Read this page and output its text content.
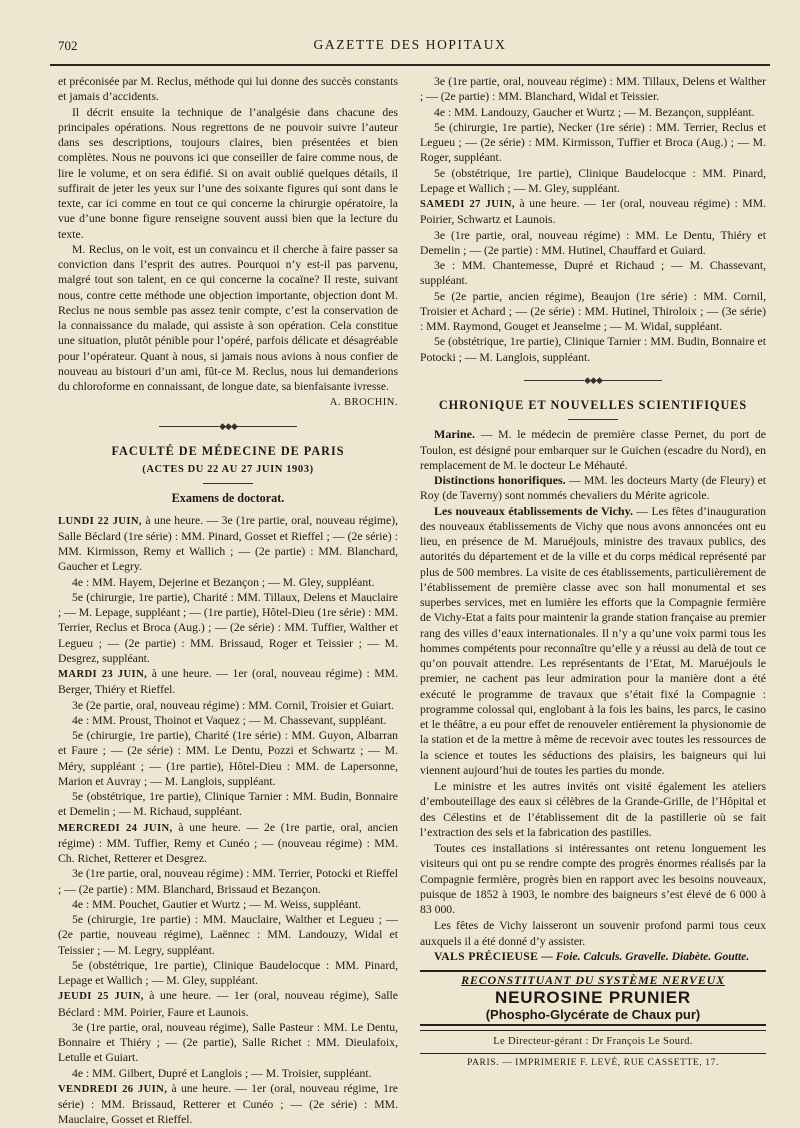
702	GAZETTE DES HOPITAUX

et préconisée par M. Reclus, méthode qui lui donne des succès constants et jamais d’accidents.

Il décrit ensuite la technique de l’analgésie dans chacune des principales opérations. Nous regrettons de ne pouvoir suivre l’auteur dans ses descriptions, toujours claires, bien présentées et bien complètes. Nous ne pouvons ici que conseiller de faire comme nous, de lire le volume, et on sera édifié. Si on avait oublié quelques détails, il suffirait de jeter les yeux sur l’une des soixante figures qui sont dans le texte, car ici comme en tout ce qui concerne la chirurgie opératoire, la vue d’une bonne figure renseigne souvent aussi bien que la lecture du texte.

M. Reclus, on le voit, est un convaincu et il cherche à faire passer sa conviction dans l’esprit des autres. Pourquoi n’y est-il pas parvenu, malgré tout son talent, en ce qui concerne la cocaïne? Il reste, suivant nous, contre cette méthode une objection importante, objection dont M. Reclus ne nous semble pas assez tenir compte, c’est la conservation de la connaissance du malade, qui assiste à son opération. Cela constitue une situation, plutôt pénible pour l’opéré, parfois délicate et désagréable pour l’opérateur. Quant à nous, si jamais nous avions à nous confier de nouveau au bistouri d’un ami, fût-ce M. Reclus, nous lui demanderions du chloroforme en connaissant, de longue date, sa bienfaisante ivresse.

A. BROCHIN.
◆◆◆
FACULTÉ DE MÉDECINE DE PARIS
(ACTES DU 22 AU 27 JUIN 1903)
Examens de doctorat.

LUNDI 22 JUIN, à une heure. — 3e (1re partie, oral, nouveau régime), Salle Béclard (1re série) : MM. Pinard, Gosset et Rieffel ; — (2e série) : MM. Kirmisson, Remy et Wallich ; — (2e partie) : MM. Blanchard, Gaucher et Legry.

4e : MM. Hayem, Dejerine et Bezançon ; — M. Gley, suppléant.

5e (chirurgie, 1re partie), Charité : MM. Tillaux, Delens et Mauclaire ; — M. Lepage, suppléant ; — (1re partie), Hôtel-Dieu (1re série) : MM. Terrier, Reclus et Broca (Aug.) ; — (2e série) : MM. Tuffier, Walther et Legueu ; — (2e partie) : MM. Brissaud, Roger et Teissier ; — M. Desgrez, suppléant.

MARDI 23 JUIN, à une heure. — 1er (oral, nouveau régime) : MM. Berger, Thiéry et Rieffel.

3e (2e partie, oral, nouveau régime) : MM. Cornil, Troisier et Guiart.

4e : MM. Proust, Thoinot et Vaquez ; — M. Chassevant, suppléant.

5e (chirurgie, 1re partie), Charité (1re série) : MM. Guyon, Albarran et Faure ; — (2e série) : MM. Le Dentu, Pozzi et Schwartz ; — M. Méry, suppléant ; — (1re partie), Hôtel-Dieu : MM. de Lapersonne, Marion et Auvray ; — M. Langlois, suppléant.

5e (obstétrique, 1re partie), Clinique Tarnier : MM. Budin, Bonnaire et Demelin ; — M. Richaud, suppléant.

MERCREDI 24 JUIN, à une heure. — 2e (1re partie, oral, ancien régime) : MM. Tuffier, Remy et Cunéo ; — (nouveau régime) : MM. Ch. Richet, Retterer et Desgrez.

3e (1re partie, oral, nouveau régime) : MM. Terrier, Potocki et Rieffel ; — (2e partie) : MM. Blanchard, Brissaud et Bezançon.

4e : MM. Pouchet, Gautier et Wurtz ; — M. Weiss, suppléant.

5e (chirurgie, 1re partie) : MM. Mauclaire, Walther et Legueu ; — (2e partie, nouveau régime), Laënnec : MM. Landouzy, Widal et Teissier ; — M. Legry, suppléant.

5e (obstétrique, 1re partie), Clinique Baudelocque : MM. Pinard, Lepage et Wallich ; — M. Gley, suppléant.

JEUDI 25 JUIN, à une heure. — 1er (oral, nouveau régime), Salle Béclard : MM. Poirier, Faure et Launois.

3e (1re partie, oral, nouveau régime), Salle Pasteur : MM. Le Dentu, Bonnaire et Thiéry ; — (2e partie), Salle Richet : MM. Dieulafoix, Letulle et Guiart.

4e : MM. Gilbert, Dupré et Langlois ; — M. Troisier, suppléant.

VENDREDI 26 JUIN, à une heure. — 1er (oral, nouveau régime, 1re série) : MM. Brissaud, Retterer et Cunéo ; — (2e série) : MM. Mauclaire, Gosset et Rieffel.

3e (1re partie, oral, nouveau régime) : MM. Tillaux, Delens et Walther ; — (2e partie) : MM. Blanchard, Widal et Teissier.

4e : MM. Landouzy, Gaucher et Wurtz ; — M. Bezançon, suppléant.

5e (chirurgie, 1re partie), Necker (1re série) : MM. Terrier, Reclus et Legueu ; — (2e série) : MM. Kirmisson, Tuffier et Broca (Aug.) ; — M. Roger, suppléant.

5e (obstétrique, 1re partie), Clinique Baudelocque : MM. Pinard, Lepage et Wallich ; — M. Gley, suppléant.

SAMEDI 27 JUIN, à une heure. — 1er (oral, nouveau régime) : MM. Poirier, Schwartz et Launois.

3e (1re partie, oral, nouveau régime) : MM. Le Dentu, Thiéry et Demelin ; — (2e partie) : MM. Hutinel, Chauffard et Guiard.

3e : MM. Chantemesse, Dupré et Richaud ; — M. Chassevant, suppléant.

5e (2e partie, ancien régime), Beaujon (1re série) : MM. Cornil, Troisier et Achard ; — (2e série) : MM. Hutinel, Thiroloix ; — (3e série) : MM. Raymond, Gouget et Jeanselme ; — M. Widal, suppléant.

5e (obstétrique, 1re partie), Clinique Tarnier : MM. Budin, Bonnaire et Potocki ; — M. Langlois, suppléant.

◆◆◆
CHRONIQUE ET NOUVELLES SCIENTIFIQUES

Marine. — M. le médecin de première classe Pernet, du port de Toulon, est désigné pour embarquer sur le Guichen (escadre du Nord), en remplacement de M. le docteur Le Méhauté.

Distinctions honorifiques. — MM. les docteurs Marty (de Fleury) et Roy (de Taverny) sont nommés chevaliers du Mérite agricole.

Les nouveaux établissements de Vichy. — Les fêtes d’inauguration des nouveaux établissements de Vichy que nous avons annoncées ont eu lieu, en présence de M. Maruéjouls, ministre des travaux publics, des autorités du département et de la ville et du corps médical représenté par plus de 500 membres. La visite de ces établissements, particulièrement de l’établissement de première classe avec son hall monumental et ses superbes services, met en lumière les efforts que la Compagnie fermière de Vichy-Etat a faits pour maintenir la grande station française au premier rang des villes d’eaux internationales. Il n’y a qu’une voix parmi tous les hommes compétents pour reconnaître qu’elle y a réussi au delà de tout ce qu’on pouvait attendre. Les représentants de l’Etat, M. Maruéjouls le premier, ne cachent pas leur admiration pour la manière dont a été exécuté le programme de travaux que s’était fixé la Compagnie : programme colossal qui, englobant à la fois les bains, les parcs, le casino et le théâtre, a eu pour effet de renouveler entièrement la physionomie de la station et de la mettre à même de recevoir avec toutes les ressources de la science et toutes les séductions des plaisirs, les baigneurs qui lui viennent aujourd’hui de toutes les parties du monde.

Le ministre et les autres invités ont visité également les ateliers d’embouteillage des eaux si célèbres de la Grande-Grille, de l’Hôpital et des Célestins et de l’établissement dit de la pastillerie où se fait l’extraction des sels et la fabrication des pastilles.

Toutes ces installations si intéressantes ont retenu longuement les visiteurs qui ont pu se rendre compte des progrès énormes réalisés par la Compagnie fermière, progrès bien en rapport avec les besoins nouveaux, puisque de 1852 à 1903, le nombre des baigneurs s’est élevé de 6 000 à 83 000.

Les fêtes de Vichy laisseront un souvenir profond parmi tous ceux auxquels il a été donné d’y assister.

VALS PRÉCIEUSE — Foie. Calculs. Gravelle. Diabète. Goutte.

RECONSTITUANT DU SYSTÈME NERVEUX
NEUROSINE PRUNIER
(Phospho-Glycérate de Chaux pur)
Le Directeur-gérant : Dr François Le Sourd.
PARIS. — IMPRIMERIE F. LEVÉ, RUE CASSETTE, 17.
